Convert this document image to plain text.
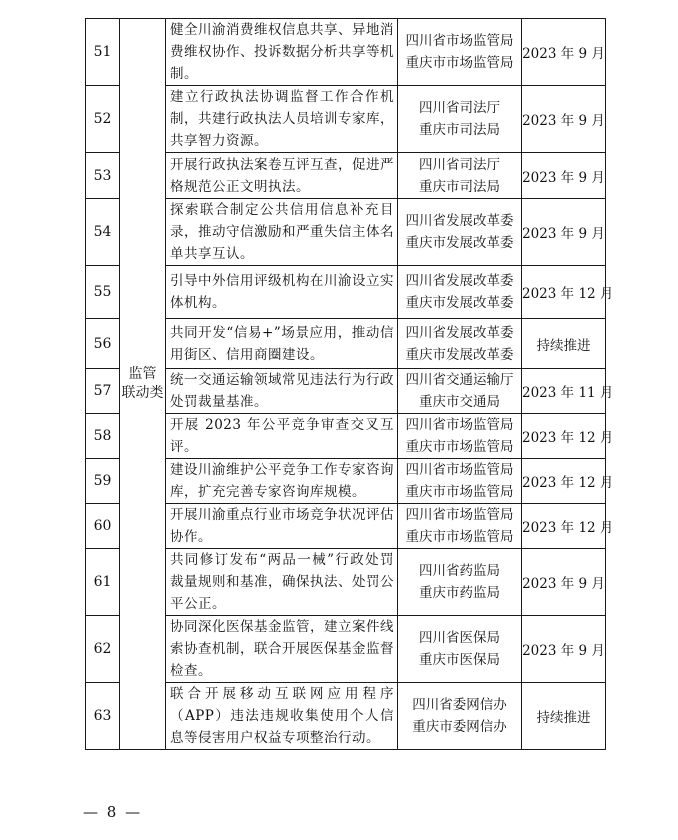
51	监管
联动类	健全川渝消费维权信息共享、异地消费维权协作、投诉数据分析共享等机制。	四川省市场监管局
重庆市市场监管局	2023 年 9 月
52		建立行政执法协调监督工作合作机制，共建行政执法人员培训专家库，共享智力资源。	四川省司法厅
重庆市司法局	2023 年 9 月
53		开展行政执法案卷互评互查，促进严格规范公正文明执法。	四川省司法厅
重庆市司法局	2023 年 9 月
54		探索联合制定公共信用信息补充目录，推动守信激励和严重失信主体名单共享互认。	四川省发展改革委
重庆市发展改革委	2023 年 9 月
55		引导中外信用评级机构在川渝设立实体机构。	四川省发展改革委
重庆市发展改革委	2023 年 12 月
56		共同开发“信易+”场景应用，推动信用街区、信用商圈建设。	四川省发展改革委
重庆市发展改革委	持续推进
57		统一交通运输领域常见违法行为行政处罚裁量基准。	四川省交通运输厅
重庆市交通局	2023 年 11 月
58		开展 2023 年公平竞争审查交叉互评。	四川省市场监管局
重庆市市场监管局	2023 年 12 月
59		建设川渝维护公平竞争工作专家咨询库，扩充完善专家咨询库规模。	四川省市场监管局
重庆市市场监管局	2023 年 12 月
60		开展川渝重点行业市场竞争状况评估协作。	四川省市场监管局
重庆市市场监管局	2023 年 12 月
61		共同修订发布“两品一械”行政处罚裁量规则和基准，确保执法、处罚公平公正。	四川省药监局
重庆市药监局	2023 年 9 月
62		协同深化医保基金监管，建立案件线索协查机制，联合开展医保基金监督检查。	四川省医保局
重庆市医保局	2023 年 9 月
63		联合开展移动互联网应用程序（APP）违法违规收集使用个人信息等侵害用户权益专项整治行动。	四川省委网信办
重庆市委网信办	持续推进
— 8 —
